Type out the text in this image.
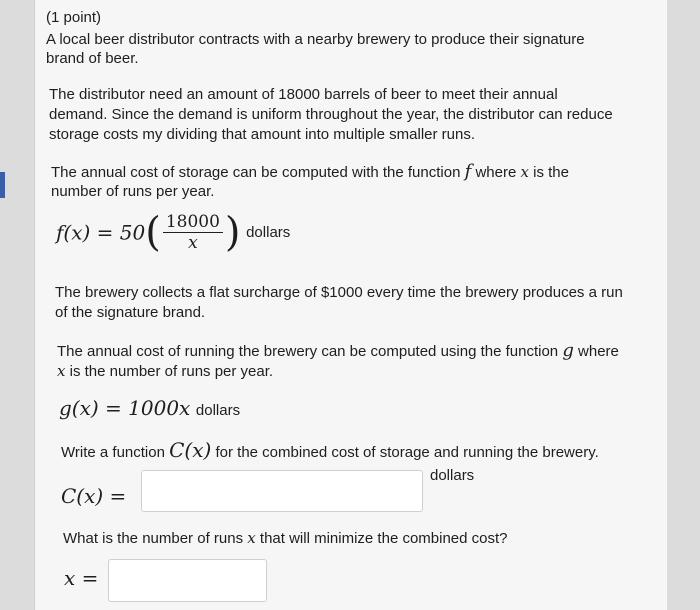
(1 point)
A local beer distributor contracts with a nearby brewery to produce their signature
brand of beer.
The distributor need an amount of 18000 barrels of beer to meet their annual
demand. Since the demand is uniform throughout the year, the distributor can reduce
storage costs my dividing that amount into multiple smaller runs.
The annual cost of storage can be computed with the function f where x is the
number of runs per year.
$f(x) = 50( \frac{18000}{x}$ ) dollars
The brewery collects a flat surcharge of $1000 every time the brewery produces a run
of the signature brand.
The annual cost of running the brewery can be computed using the function g where
x is the number of runs per year.
g(x) = 1000x dollars
Write a function C(x) for the combined cost of storage and running the brewery.
C(x) =
dollars
What is the number of runs x that will minimize the combined cost?
x =
